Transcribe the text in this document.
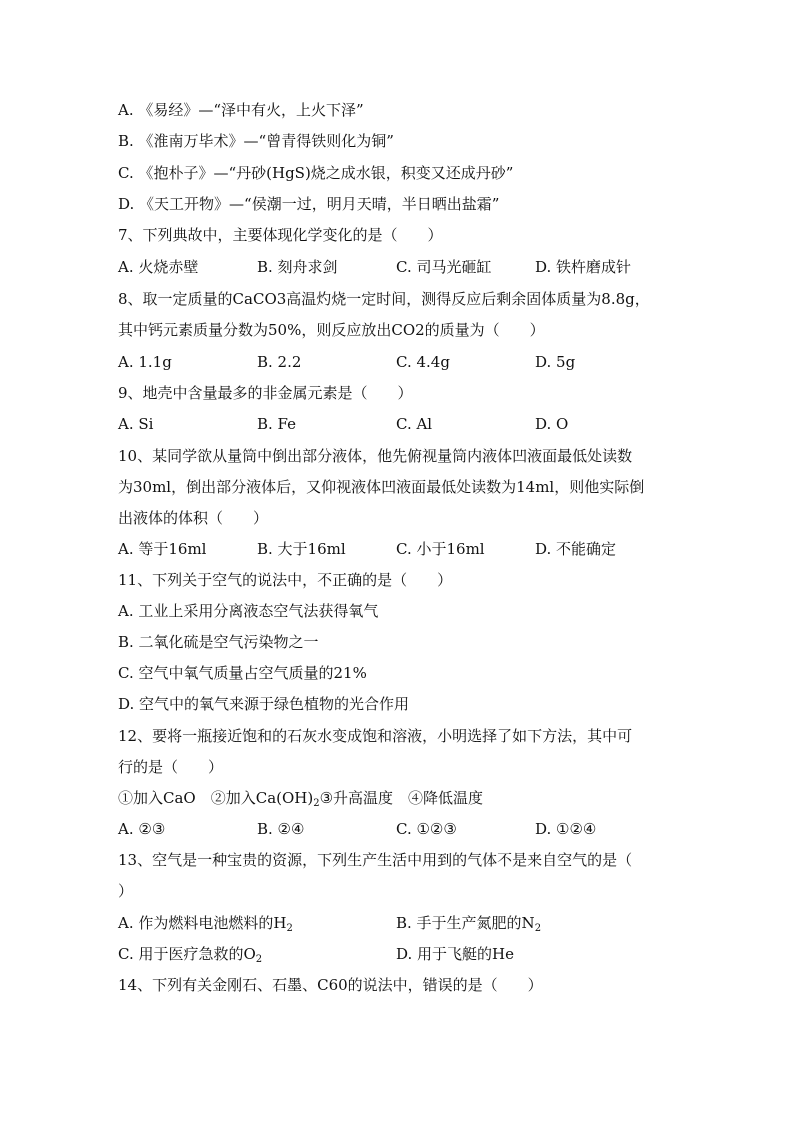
A. 《易经》—“泽中有火，上火下泽”
B. 《淮南万毕术》—“曾青得铁则化为铜”
C. 《抱朴子》—“丹砂(HgS)烧之成水银，积变又还成丹砂”
D. 《天工开物》—“侯潮一过，明月天晴，半日晒出盐霜”
7、下列典故中，主要体现化学变化的是（　　）
A. 火烧赤壁	B. 刻舟求剑	C. 司马光砸缸	D. 铁杵磨成针
8、取一定质量的CaCO3高温灼烧一定时间，测得反应后剩余固体质量为8.8g，
其中钙元素质量分数为50%，则反应放出CO2的质量为（　　）
A. 1.1g	B. 2.2	C. 4.4g	D. 5g
9、地壳中含量最多的非金属元素是（　　）
A. Si	B. Fe	C. Al	D. O
10、某同学欲从量筒中倒出部分液体，他先俯视量筒内液体凹液面最低处读数
为30ml，倒出部分液体后，又仰视液体凹液面最低处读数为14ml，则他实际倒
出液体的体积（　　）
A. 等于16ml	B. 大于16ml	C. 小于16ml	D. 不能确定
11、下列关于空气的说法中，不正确的是（　　）
A. 工业上采用分离液态空气法获得氧气
B. 二氧化硫是空气污染物之一
C. 空气中氧气质量占空气质量的21%
D. 空气中的氧气来源于绿色植物的光合作用
12、要将一瓶接近饱和的石灰水变成饱和溶液，小明选择了如下方法，其中可
行的是（　　）
①加入CaO　②加入$Ca(OH)_2③$升高温度　④降低温度
A. ②③	B. ②④	C. ①②③	D. ①②④
13、空气是一种宝贵的资源，下列生产生活中用到的气体不是来自空气的是（
）
A. 作为燃料电池燃料的$H_2$	B. 手于生产氮肥的$N_2$
C. 用于医疗急救的$O_2$	D. 用于飞艇的He
14、下列有关金刚石、石墨、C60的说法中，错误的是（　　）
